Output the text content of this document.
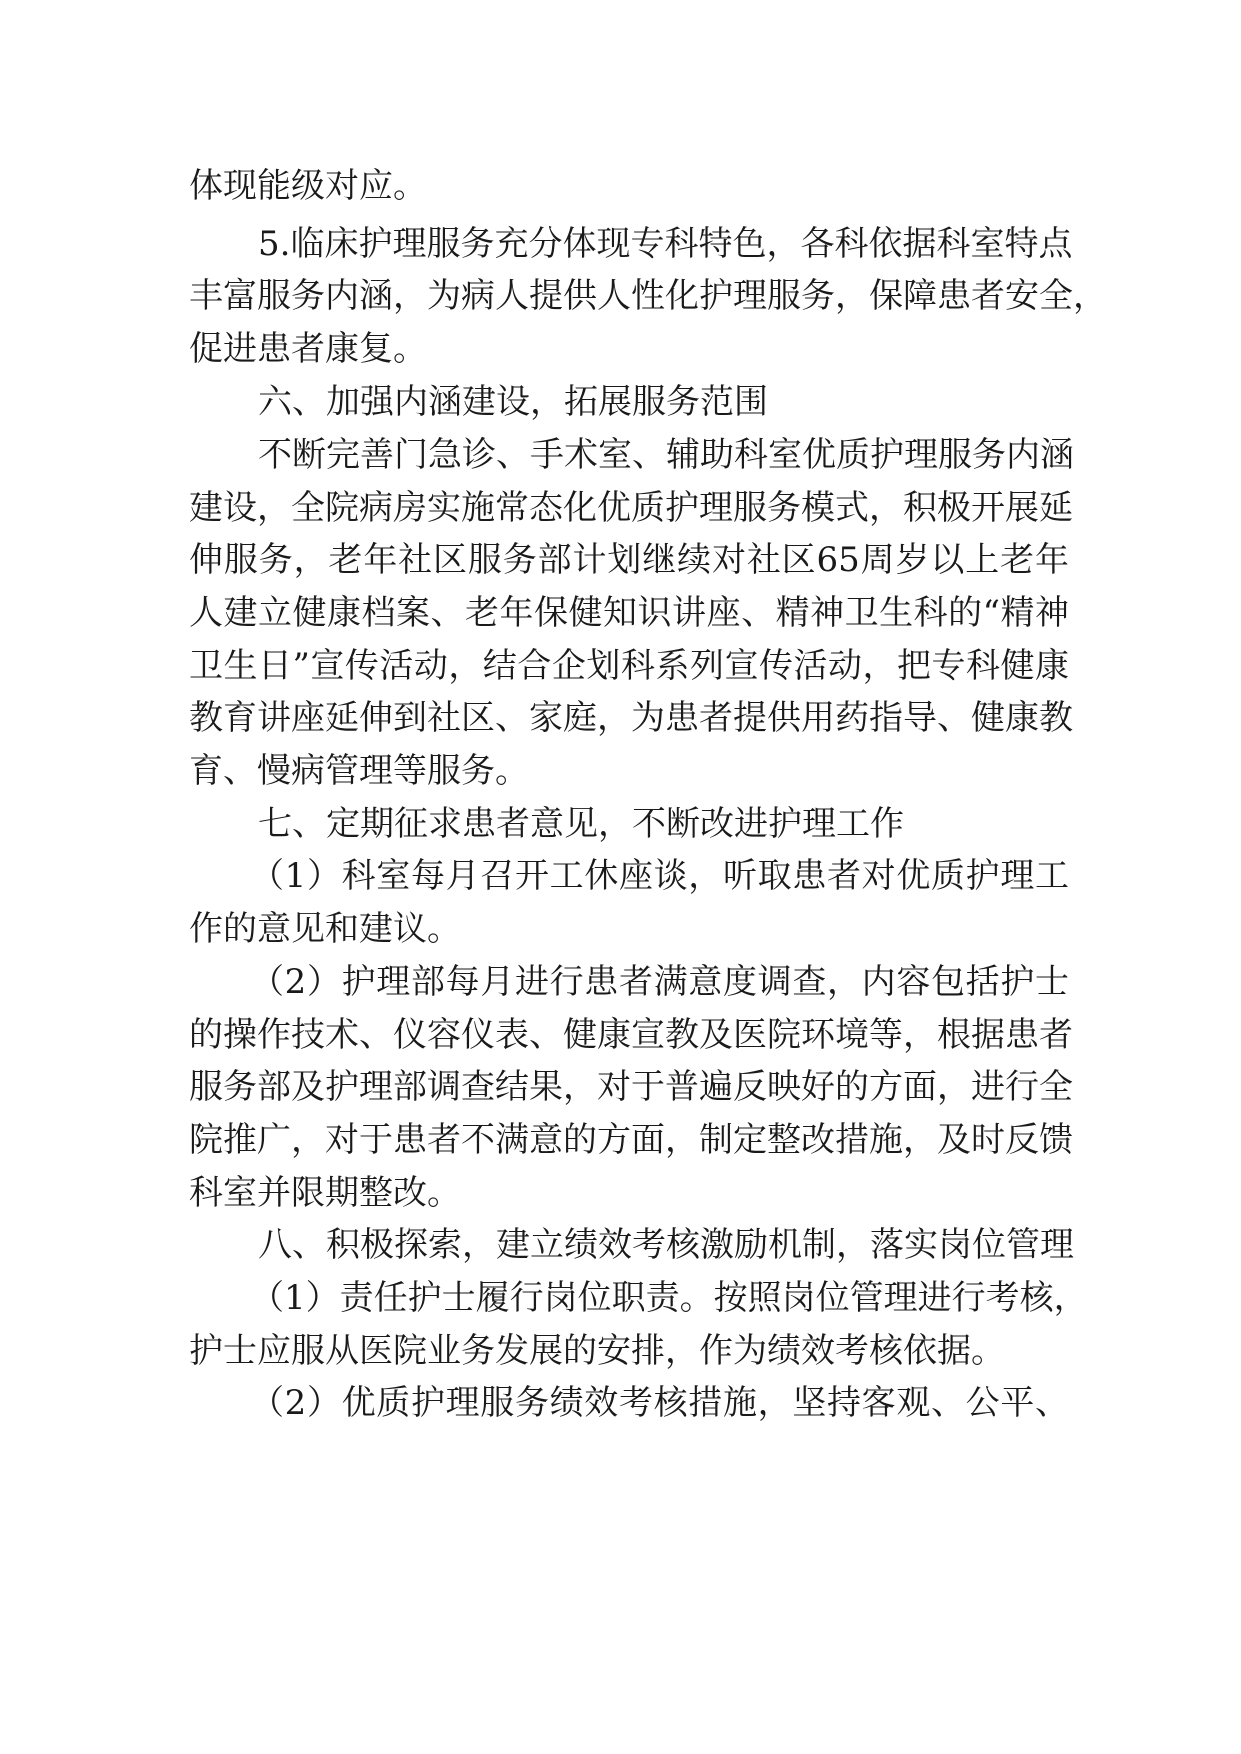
体现能级对应。
5.临床护理服务充分体现专科特色，各科依据科室特点
丰富服务内涵，为病人提供人性化护理服务，保障患者安全，
促进患者康复。
六、加强内涵建设，拓展服务范围
不断完善门急诊、手术室、辅助科室优质护理服务内涵
建设，全院病房实施常态化优质护理服务模式，积极开展延
伸服务，老年社区服务部计划继续对社区65周岁以上老年
人建立健康档案、老年保健知识讲座、精神卫生科的“精神
卫生日”宣传活动，结合企划科系列宣传活动，把专科健康
教育讲座延伸到社区、家庭，为患者提供用药指导、健康教
育、慢病管理等服务。
七、定期征求患者意见，不断改进护理工作
（1）科室每月召开工休座谈，听取患者对优质护理工
作的意见和建议。
（2）护理部每月进行患者满意度调查，内容包括护士
的操作技术、仪容仪表、健康宣教及医院环境等，根据患者
服务部及护理部调查结果，对于普遍反映好的方面，进行全
院推广，对于患者不满意的方面，制定整改措施，及时反馈
科室并限期整改。
八、积极探索，建立绩效考核激励机制，落实岗位管理
（1）责任护士履行岗位职责。按照岗位管理进行考核，
护士应服从医院业务发展的安排，作为绩效考核依据。
（2）优质护理服务绩效考核措施，坚持客观、公平、
